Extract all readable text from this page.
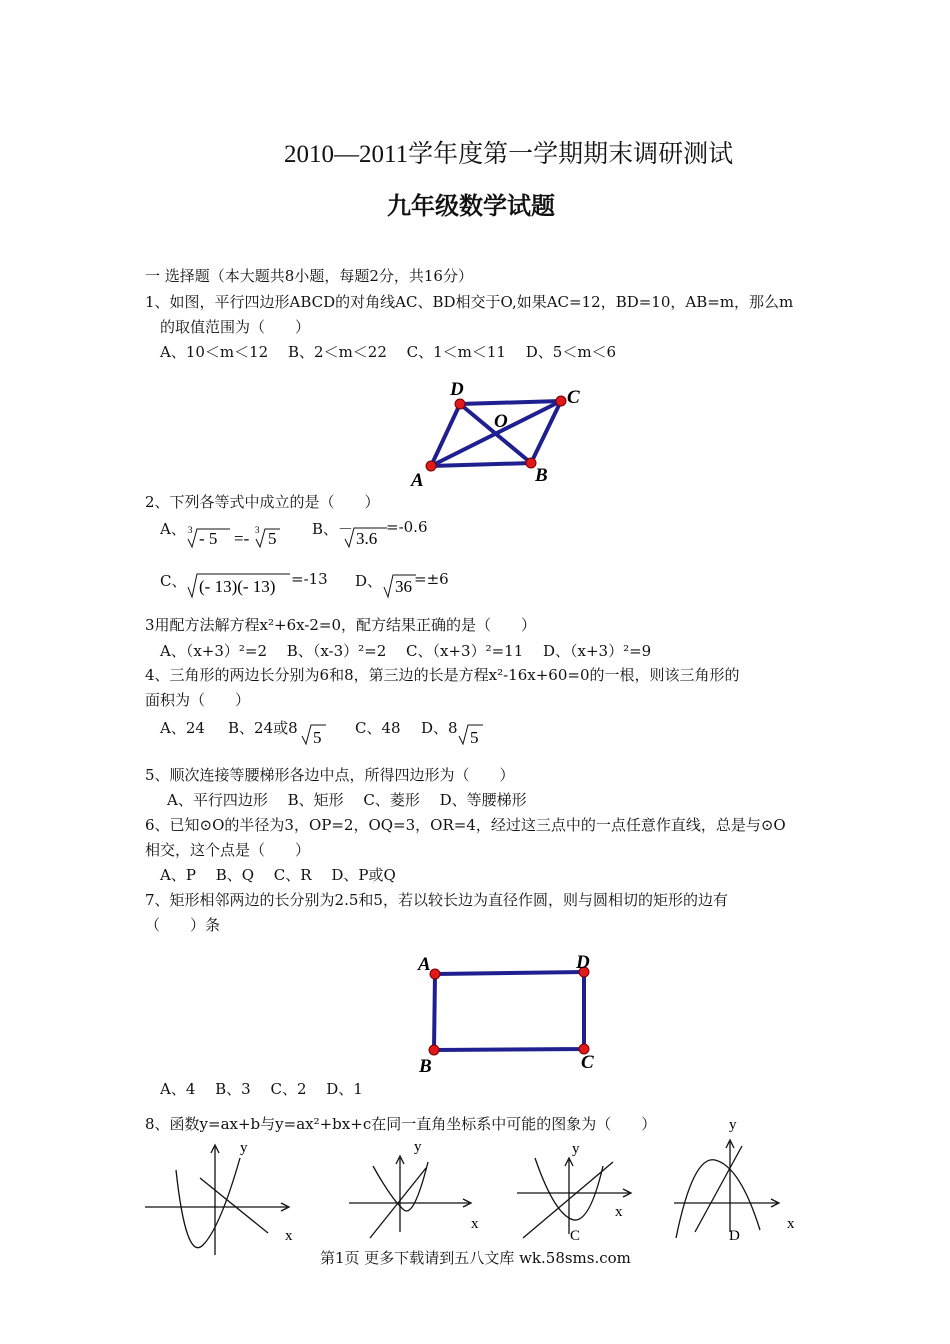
2010—2011学年度第一学期期末调研测试
九年级数学试题
一 选择题（本大题共8小题，每题2分，共16分）
1、如图，平行四边形ABCD的对角线AC、BD相交于O,如果AC=12，BD=10，AB=m，那么m
的取值范围为（　　）
A、10＜m＜12　 B、2＜m＜22　 C、1＜m＜11　 D、5＜m＜6
A	B
C
D
O
2、下列各等式中成立的是（　　）
A、 3 - 5 =- 3 5 B、－ 3.6
=-0.6
C、 (- 13)(- 13) =-13 D、 36 =±6
3用配方法解方程x²+6x-2=0，配方结果正确的是（　　）
A、（x+3）²=2　 B、（x-3）²=2　 C、（x+3）²=11　 D、（x+3）²=9
4、三角形的两边长分别为6和8，第三边的长是方程x²-16x+60=0的一根，则该三角形的
面积为（　　）
A、24 B、24或8 5 C、48 D、8 5
5、顺次连接等腰梯形各边中点，所得四边形为（　　）
A、平行四边形　 B、矩形　 C、菱形　 D、等腰梯形
6、已知⊙O的半径为3，OP=2，OQ=3，OR=4，经过这三点中的一点任意作直线，总是与⊙O
相交，这个点是（　　）
A、P　 B、Q　 C、R　 D、P或Q
7、矩形相邻两边的长分别为2.5和5，若以较长边为直径作圆，则与圆相切的矩形的边有
（　　）条
A	D
B	C
A、4　 B、3　 C、2　 D、1
8、函数y=ax+b与y=ax²+bx+c在同一直角坐标系中可能的图象为（　　）
y
x
y
x
y
x
C
y
x
D
第1页 更多下载请到五八文库 wk.58sms.com
